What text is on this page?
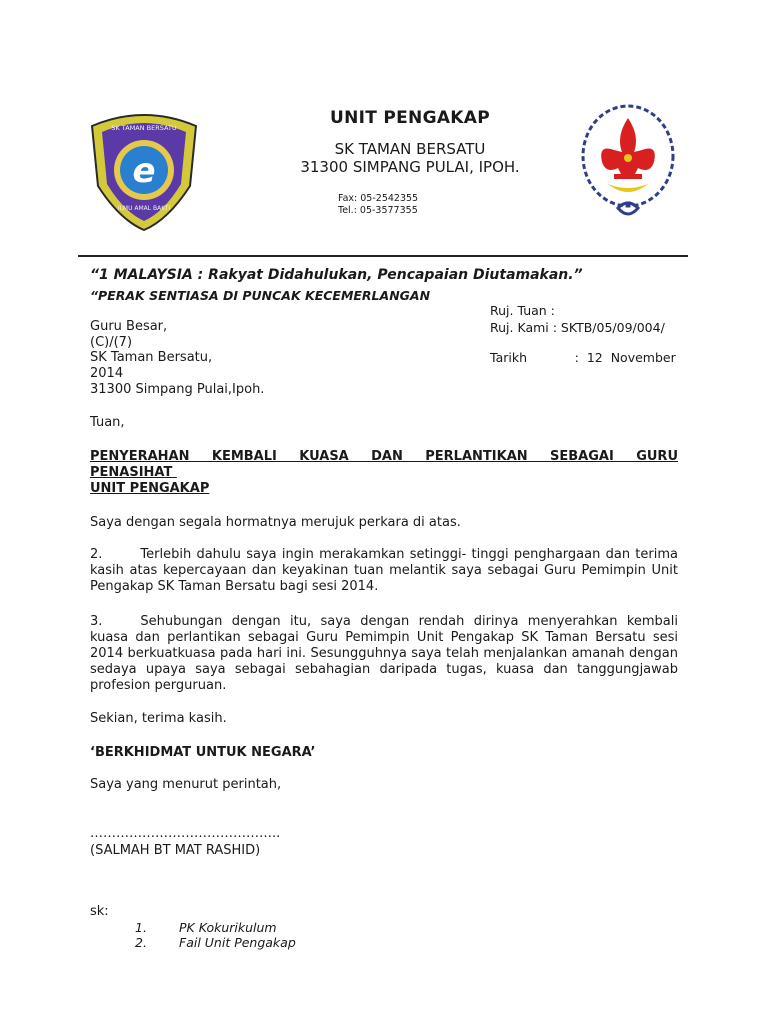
e
SK TAMAN BERSATU
ILMU AMAL BAKTI
UNIT PENGAKAP
SK TAMAN BERSATU
31300 SIMPANG PULAI, IPOH.
Fax: 05-2542355
Tel.: 05-3577355
“1 MALAYSIA : Rakyat Didahulukan, Pencapaian Diutamakan.”
“PERAK SENTIASA DI PUNCAK KECEMERLANGAN
Ruj. Tuan :
Ruj. Kami : SKTB/05/09/004/
Tarikh            :  12  November
Guru Besar,
(C)/(7)
SK Taman Bersatu,
2014
31300 Simpang Pulai,Ipoh.
Tuan,
PENYERAHAN KEMBALI KUASA DAN PERLANTIKAN SEBAGAI GURU
PENASIHAT
UNIT PENGAKAP
Saya dengan segala hormatnya merujuk perkara di atas.
2.	Terlebih dahulu saya ingin merakamkan setinggi- tinggi penghargaan dan terima kasih atas kepercayaan dan keyakinan tuan melantik saya sebagai Guru Pemimpin Unit Pengakap SK Taman Bersatu bagi sesi 2014.
3.	Sehubungan dengan itu, saya dengan rendah dirinya menyerahkan kembali kuasa dan perlantikan sebagai Guru Pemimpin Unit Pengakap SK Taman Bersatu sesi 2014 berkuatkuasa pada hari ini. Sesungguhnya saya telah menjalankan amanah dengan sedaya upaya saya sebagai sebahagian daripada tugas, kuasa dan tanggungjawab profesion perguruan.
Sekian, terima kasih.
‘BERKHIDMAT UNTUK NEGARA’
Saya yang menurut perintah,
……………………………………..
(SALMAH BT MAT RASHID)
sk:
1.	PK Kokurikulum
2.	Fail Unit Pengakap
